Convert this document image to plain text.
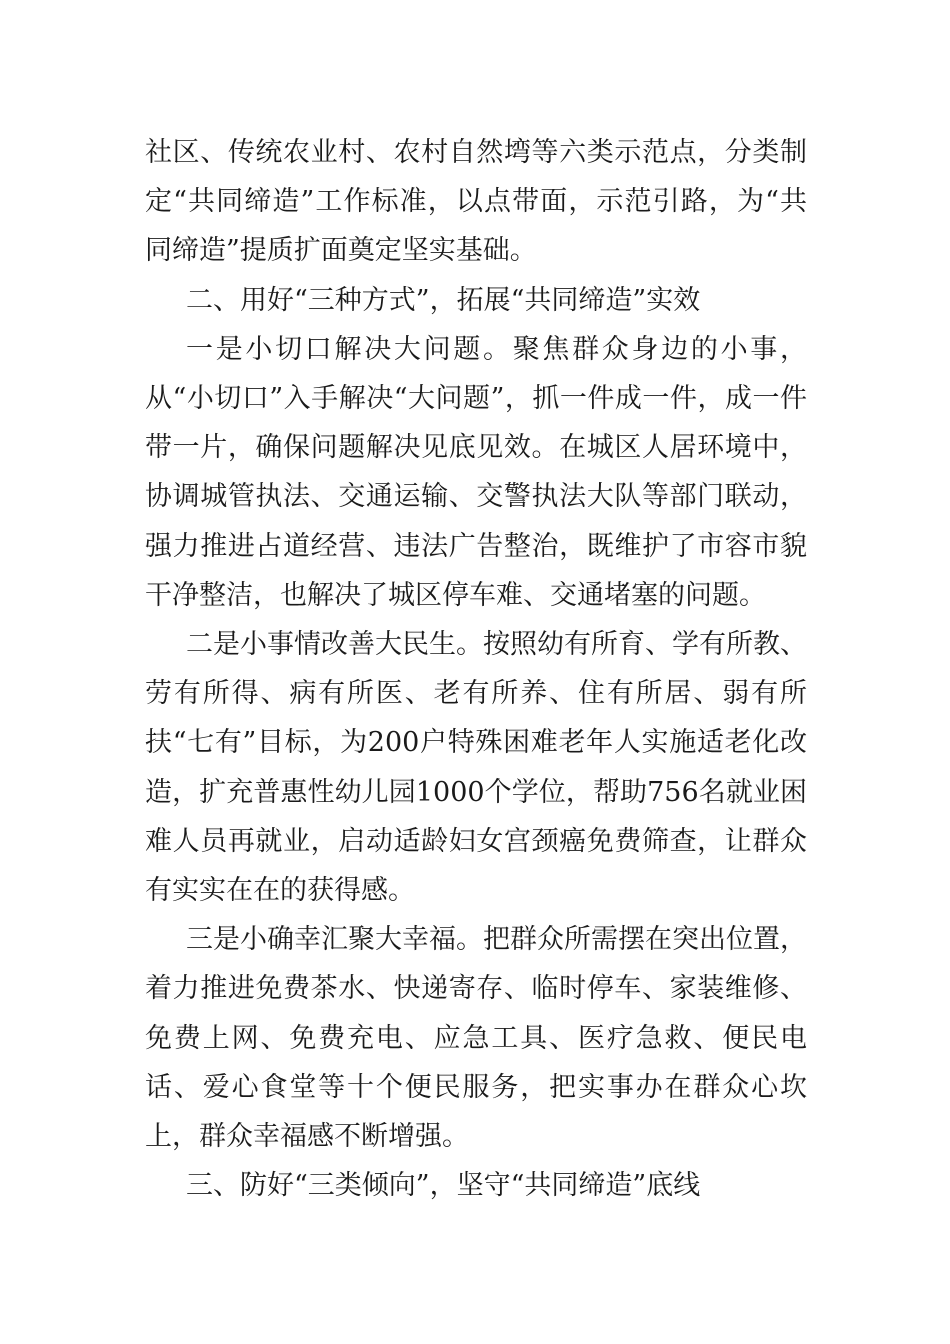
社区、传统农业村、农村自然塆等六类示范点，分类制定“共同缔造”工作标准，以点带面，示范引路，为“共同缔造”提质扩面奠定坚实基础。

二、用好“三种方式”，拓展“共同缔造”实效

一是小切口解决大问题。聚焦群众身边的小事，从“小切口”入手解决“大问题”，抓一件成一件，成一件带一片，确保问题解决见底见效。在城区人居环境中，协调城管执法、交通运输、交警执法大队等部门联动，强力推进占道经营、违法广告整治，既维护了市容市貌干净整洁，也解决了城区停车难、交通堵塞的问题。

二是小事情改善大民生。按照幼有所育、学有所教、劳有所得、病有所医、老有所养、住有所居、弱有所扶“七有”目标，为200户特殊困难老年人实施适老化改造，扩充普惠性幼儿园1000个学位，帮助756名就业困难人员再就业，启动适龄妇女宫颈癌免费筛查，让群众有实实在在的获得感。

三是小确幸汇聚大幸福。把群众所需摆在突出位置，着力推进免费茶水、快递寄存、临时停车、家装维修、免费上网、免费充电、应急工具、医疗急救、便民电话、爱心食堂等十个便民服务，把实事办在群众心坎上，群众幸福感不断增强。

三、防好“三类倾向”，坚守“共同缔造”底线
